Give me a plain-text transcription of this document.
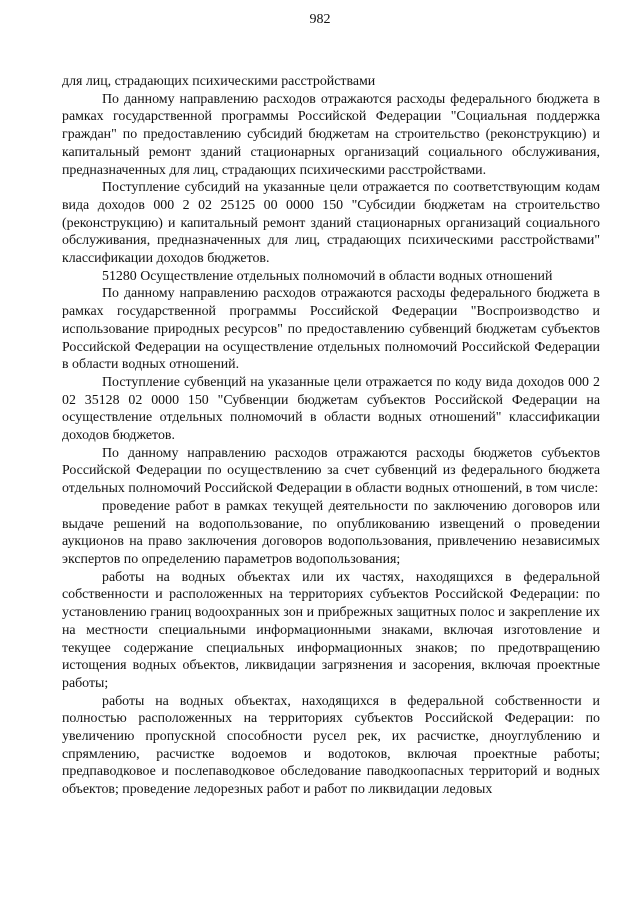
982

для лиц, страдающих психическими расстройствами

По данному направлению расходов отражаются расходы федерального бюджета в рамках государственной программы Российской Федерации "Социальная поддержка граждан" по предоставлению субсидий бюджетам на строительство (реконструкцию) и капитальный ремонт зданий стационарных организаций социального обслуживания, предназначенных для лиц, страдающих психическими расстройствами.

Поступление субсидий на указанные цели отражается по соответствующим кодам вида доходов 000 2 02 25125 00 0000 150 "Субсидии бюджетам на строительство (реконструкцию) и капитальный ремонт зданий стационарных организаций социального обслуживания, предназначенных для лиц, страдающих психическими расстройствами" классификации доходов бюджетов.

51280 Осуществление отдельных полномочий в области водных отношений

По данному направлению расходов отражаются расходы федерального бюджета в рамках государственной программы Российской Федерации "Воспроизводство и использование природных ресурсов" по предоставлению субвенций бюджетам субъектов Российской Федерации на осуществление отдельных полномочий Российской Федерации в области водных отношений.

Поступление субвенций на указанные цели отражается по коду вида доходов 000 2 02 35128 02 0000 150 "Субвенции бюджетам субъектов Российской Федерации на осуществление отдельных полномочий в области водных отношений" классификации доходов бюджетов.

По данному направлению расходов отражаются расходы бюджетов субъектов Российской Федерации по осуществлению за счет субвенций из федерального бюджета отдельных полномочий Российской Федерации в области водных отношений, в том числе:

проведение работ в рамках текущей деятельности по заключению договоров или выдаче решений на водопользование, по опубликованию извещений о проведении аукционов на право заключения договоров водопользования, привлечению независимых экспертов по определению параметров водопользования;

работы на водных объектах или их частях, находящихся в федеральной собственности и расположенных на территориях субъектов Российской Федерации: по установлению границ водоохранных зон и прибрежных защитных полос и закрепление их на местности специальными информационными знаками, включая изготовление и текущее содержание специальных информационных знаков; по предотвращению истощения водных объектов, ликвидации загрязнения и засорения, включая проектные работы;

работы на водных объектах, находящихся в федеральной собственности и полностью расположенных на территориях субъектов Российской Федерации: по увеличению пропускной способности русел рек, их расчистке, дноуглублению и спрямлению, расчистке водоемов и водотоков, включая проектные работы; предпаводковое и послепаводковое обследование паводкоопасных территорий и водных объектов; проведение ледорезных работ и работ по ликвидации ледовых
